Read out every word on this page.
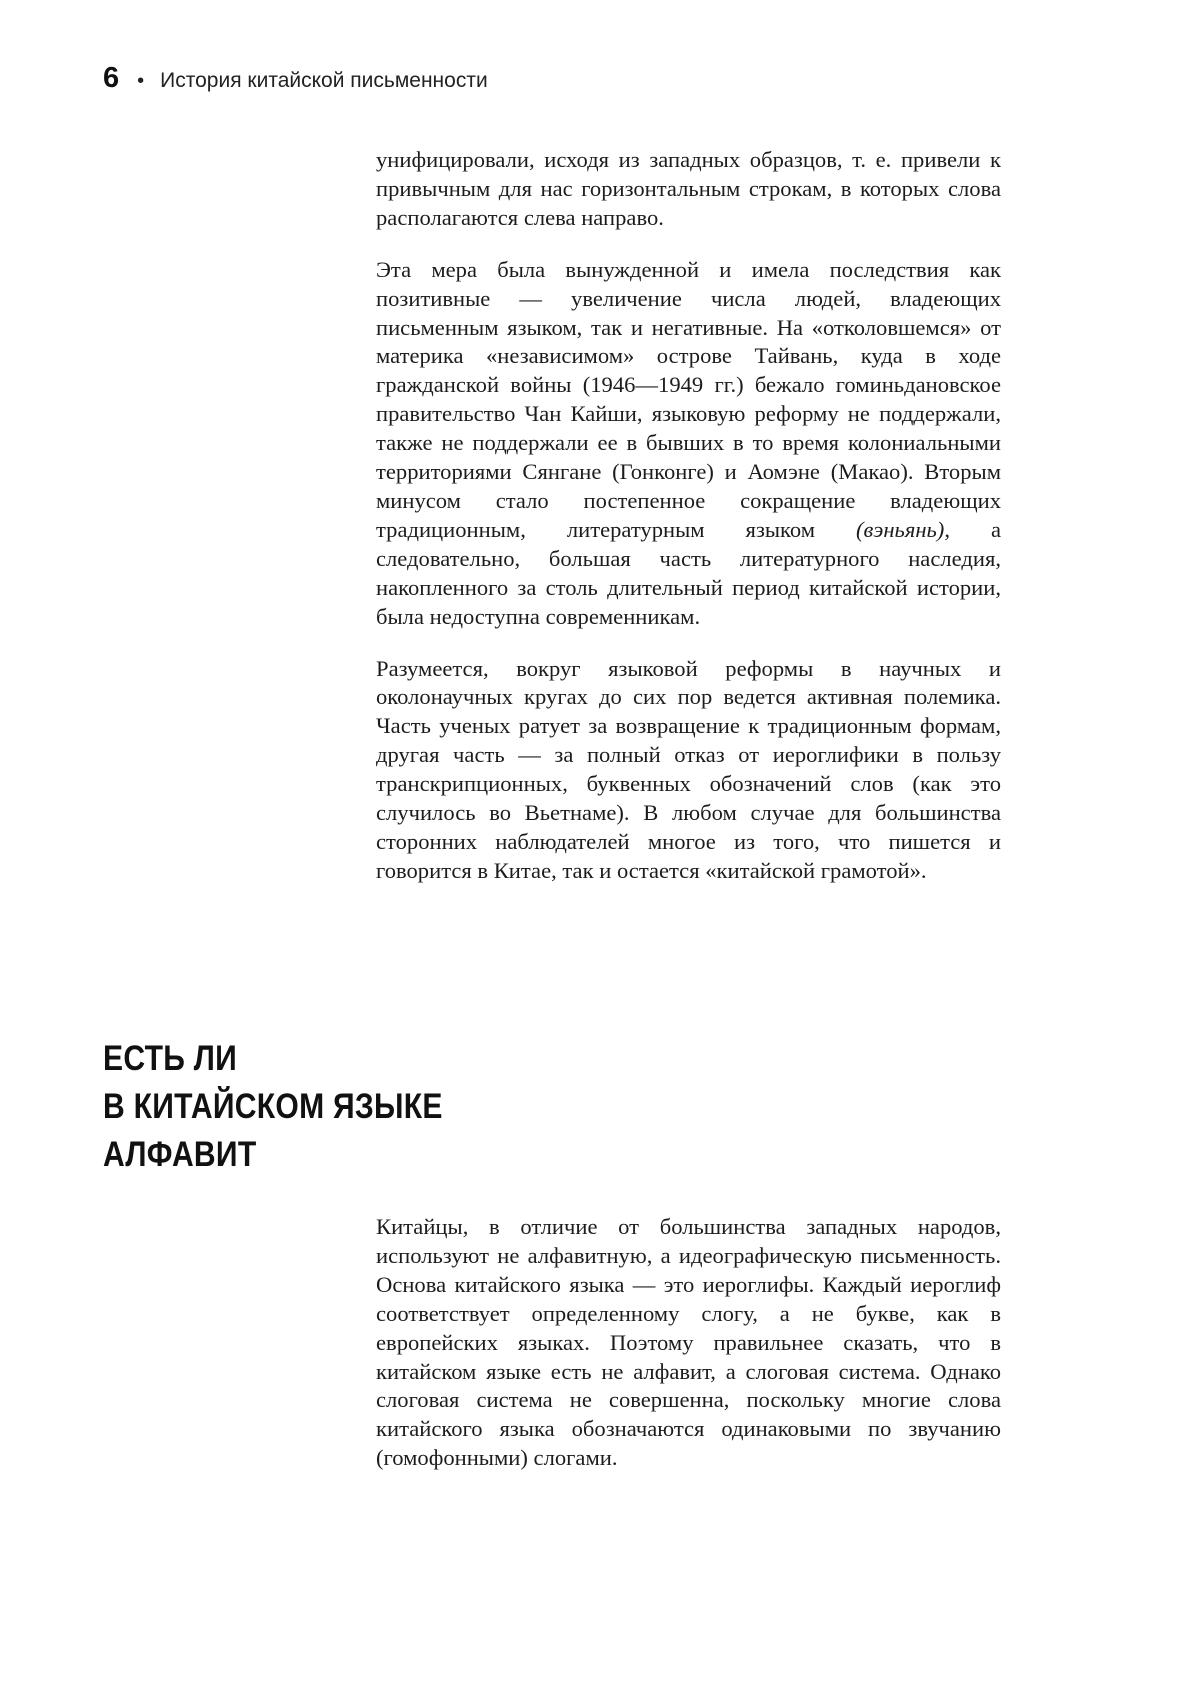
6 • История китайской письменности

унифицировали, исходя из западных образцов, т. е. привели к привычным для нас горизонтальным строкам, в которых слова располагаются слева направо.

Эта мера была вынужденной и имела последствия как позитивные — увеличение числа людей, владеющих письменным языком, так и негативные. На «отколовшемся» от материка «независимом» острове Тайвань, куда в ходе гражданской войны (1946—1949 гг.) бежало гоминьдановское правительство Чан Кайши, языковую реформу не поддержали, также не поддержали ее в бывших в то время колониальными территориями Сянгане (Гонконге) и Аомэне (Макао). Вторым минусом стало постепенное сокращение владеющих традиционным, литературным языком (вэньянь), а следовательно, большая часть литературного наследия, накопленного за столь длительный период китайской истории, была недоступна современникам.

Разумеется, вокруг языковой реформы в научных и околонаучных кругах до сих пор ведется активная полемика. Часть ученых ратует за возвращение к традиционным формам, другая часть — за полный отказ от иероглифики в пользу транскрипционных, буквенных обозначений слов (как это случилось во Вьетнаме). В любом случае для большинства сторонних наблюдателей многое из того, что пишется и говорится в Китае, так и остается «китайской грамотой».

ЕСТЬ ЛИ
В КИТАЙСКОМ ЯЗЫКЕ
АЛФАВИТ

Китайцы, в отличие от большинства западных народов, используют не алфавитную, а идеографическую письменность. Основа китайского языка — это иероглифы. Каждый иероглиф соответствует определенному слогу, а не букве, как в европейских языках. Поэтому правильнее сказать, что в китайском языке есть не алфавит, а слоговая система. Однако слоговая система не совершенна, поскольку многие слова китайского языка обозначаются одинаковыми по звучанию (гомофонными) слогами.
